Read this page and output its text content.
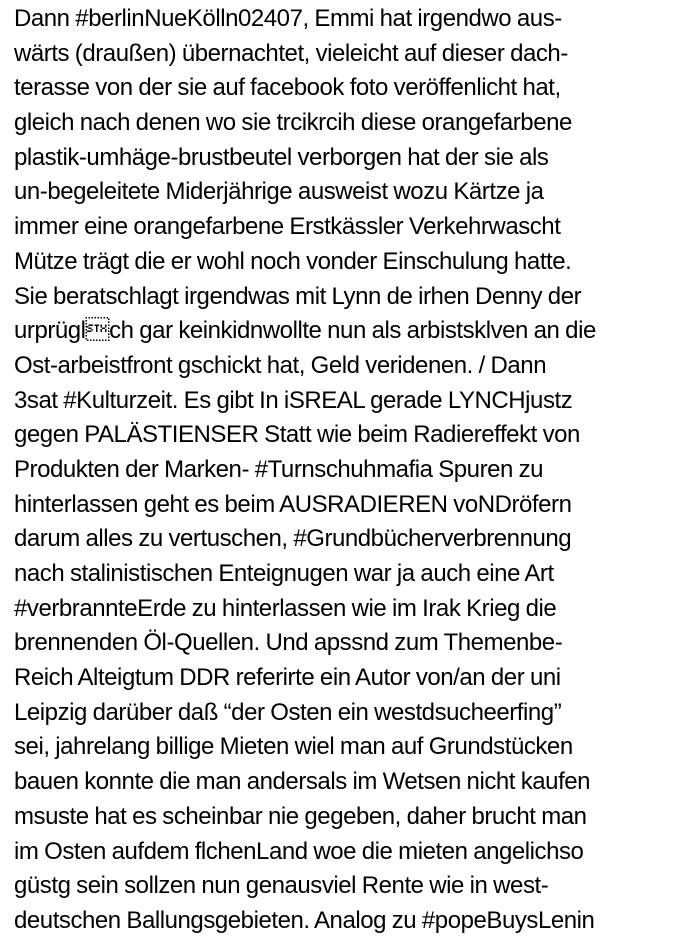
Dann #berlinNueKölln02407, Emmi hat irgendwo aus-
wärts (draußen) übernachtet, vieleicht auf dieser dach-
terasse von der sie auf facebook foto veröffenlicht hat,
gleich nach denen wo sie trcikrcih diese orangefarbene
plastik-umhäge-brustbeutel verborgen hat der sie als
un-begeleitete Miderjährige ausweist wozu Kärtze ja
immer eine orangefarbene Erstkässler Verkehrwascht
Mütze trägt die er wohl noch vonder Einschulung hatte.
Sie beratschlagt irgendwas mit Lynn de irhen Denny der
urprüglch gar keinkidnwollte nun als arbistsklven an die
Ost-arbeistfront gschickt hat, Geld veridenen. / Dann
3sat #Kulturzeit. Es gibt In iSREAL gerade LYNCHjustz
gegen PALÄSTIENSER Statt wie beim Radiereffekt von
Produkten der Marken- #Turnschuhmafia Spuren zu
hinterlassen geht es beim AUSRADIEREN voNDröfern
darum alles zu vertuschen, #Grundbücherverbrennung
nach stalinistischen Enteignugen war ja auch eine Art
#verbrannteErde zu hinterlassen wie im Irak Krieg die
brennenden Öl-Quellen. Und apssnd zum Themenbe-
Reich Alteigtum DDR referirte ein Autor von/an der uni
Leipzig darüber daß “der Osten ein westdsucheerfing”
sei, jahrelang billige Mieten wiel man auf Grundstücken
bauen konnte die man andersals im Wetsen nicht kaufen
msuste hat es scheinbar nie gegeben, daher brucht man
im Osten aufdem flchenLand woe die mieten angelichso
güstg sein sollzen nun genausviel Rente wie in west-
deutschen Ballungsgebieten. Analog zu #popeBuysLenin
